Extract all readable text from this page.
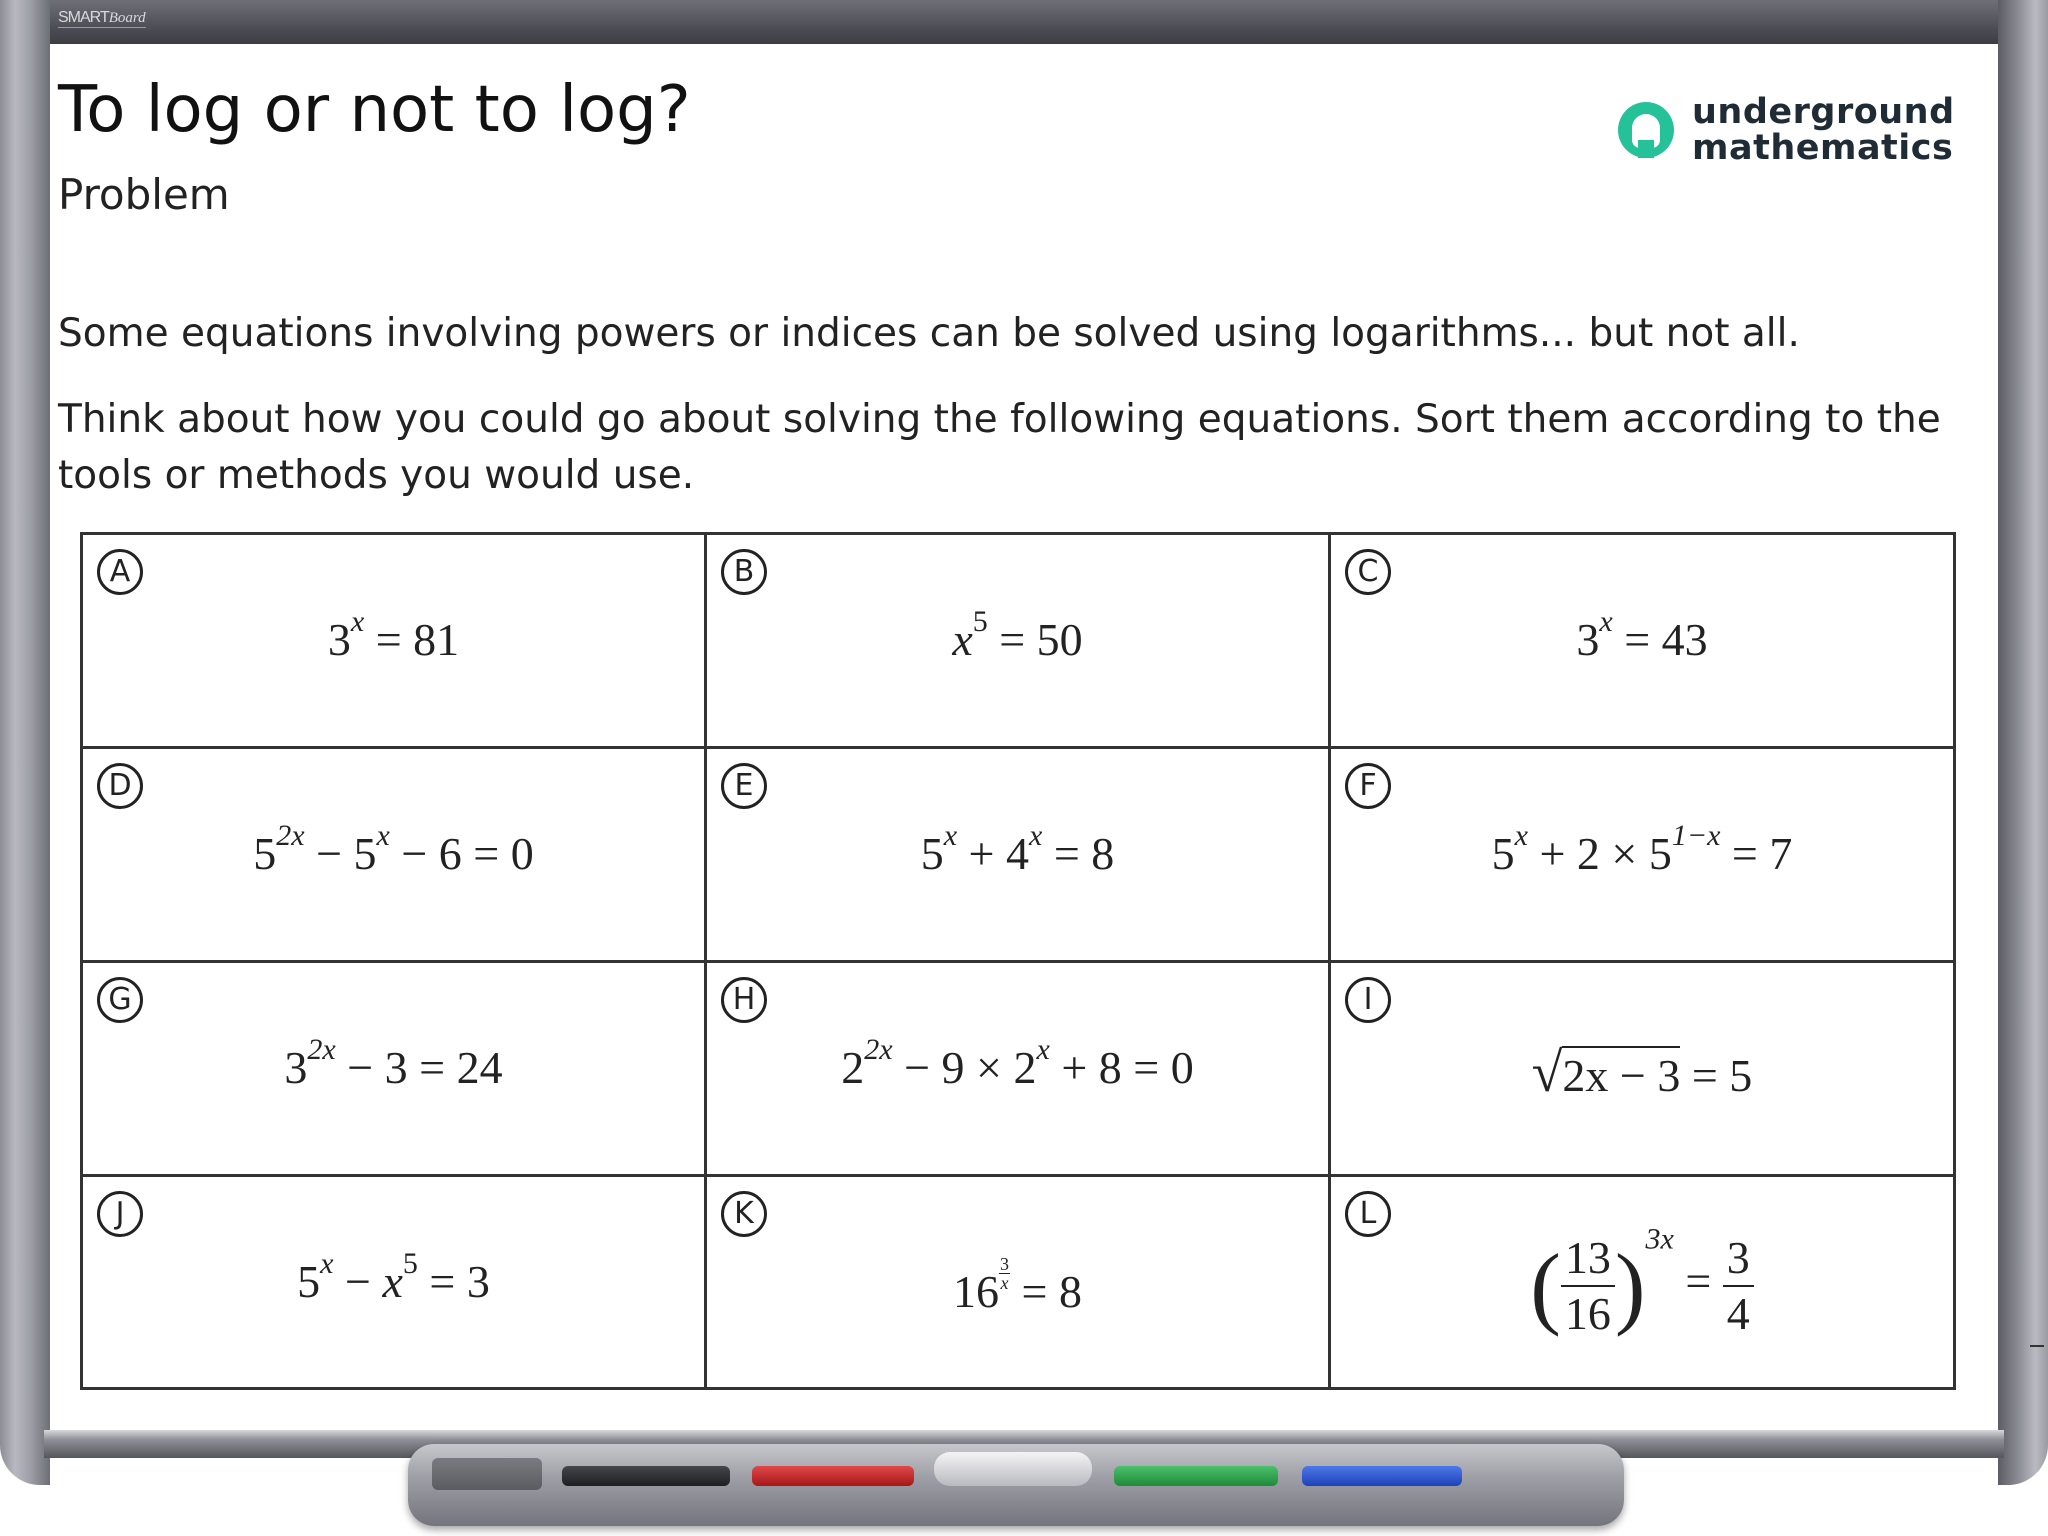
SMARTBoard
To log or not to log?
Problem
underground
mathematics

Some equations involving powers or indices can be solved using logarithms... but not all.

Think about how you could go about solving the following equations. Sort them according to the tools or methods you would use.

A
$3^x = 81$
B
$x^5 = 50$
C
$3^x = 43$
D
$5^{2x} - 5^x - 6 = 0$
E
$5^x + 4^x = 8$
F
$5^x + 2 \times 5^{1-x} = 7$
G
$3^{2x} - 3 = 24$
H
$2^{2x} - 9 \times 2^x + 8 = 0$
I
√2x − 3 = 5
J
$5^x - x^5 = 3$
K
$16 \frac{3}{x} = 8$
L
( $\frac{13}{16} )^{3x} = \frac{3}{4}$
